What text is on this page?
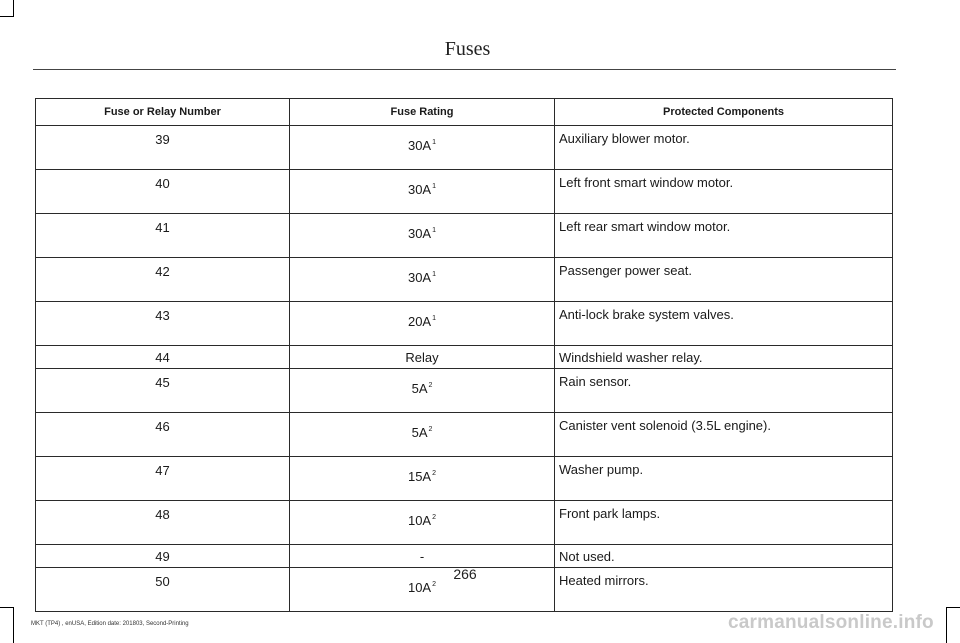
Fuses
Fuse or Relay Number	Fuse Rating	Protected Components
39	$30A^1$	Auxiliary blower motor.
40	$30A^1$	Left front smart window motor.
41	$30A^1$	Left rear smart window motor.
42	$30A^1$	Passenger power seat.
43	$20A^1$	Anti-lock brake system valves.
44	Relay	Windshield washer relay.
45	$5A^2$	Rain sensor.
46	$5A^2$	Canister vent solenoid (3.5L engine).
47	$15A^2$	Washer pump.
48	$10A^2$	Front park lamps.
49	-	Not used.
50	$10A^2$	Heated mirrors.
266
MKT (TP4) , enUSA, Edition date: 201803, Second-Printing	carmanualsonline.info
